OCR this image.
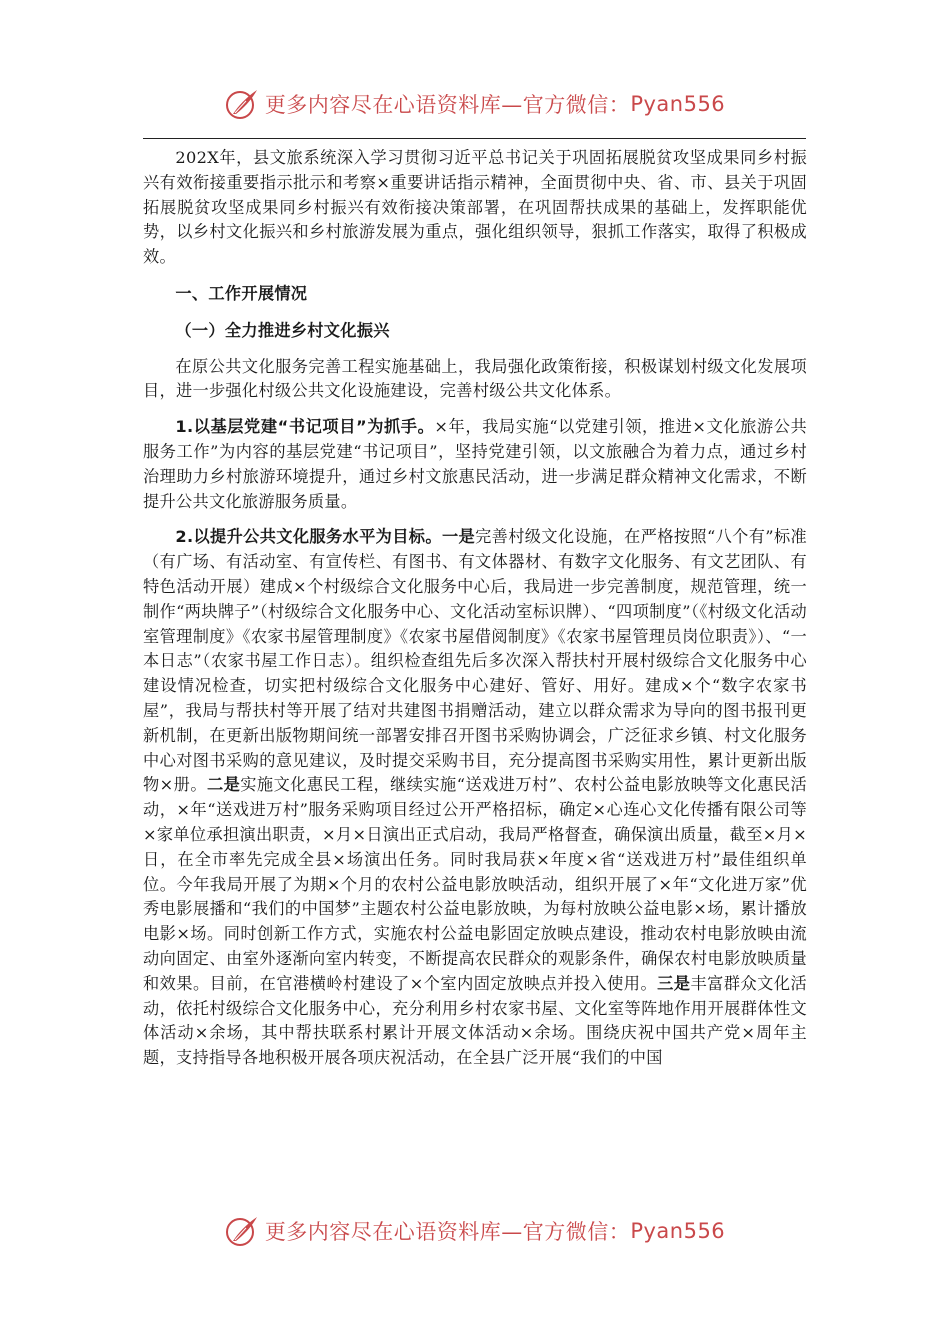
更多内容尽在心语资料库—官方微信： Pyan556

202X年，县文旅系统深入学习贯彻习近平总书记关于巩固拓展脱贫攻坚成果同乡村振兴有效衔接重要指示批示和考察×重要讲话指示精神，全面贯彻中央、省、市、县关于巩固拓展脱贫攻坚成果同乡村振兴有效衔接决策部署，在巩固帮扶成果的基础上，发挥职能优势，以乡村文化振兴和乡村旅游发展为重点，强化组织领导，狠抓工作落实，取得了积极成效。

一、工作开展情况
（一）全力推进乡村文化振兴

在原公共文化服务完善工程实施基础上，我局强化政策衔接，积极谋划村级文化发展项目，进一步强化村级公共文化设施建设，完善村级公共文化体系。

1.以基层党建“书记项目”为抓手。×年，我局实施“以党建引领，推进×文化旅游公共服务工作”为内容的基层党建“书记项目”，坚持党建引领，以文旅融合为着力点，通过乡村治理助力乡村旅游环境提升，通过乡村文旅惠民活动，进一步满足群众精神文化需求，不断提升公共文化旅游服务质量。

2.以提升公共文化服务水平为目标。一是完善村级文化设施，在严格按照“八个有”标准（有广场、有活动室、有宣传栏、有图书、有文体器材、有数字文化服务、有文艺团队、有特色活动开展）建成×个村级综合文化服务中心后，我局进一步完善制度，规范管理，统一制作“两块牌子”（村级综合文化服务中心、文化活动室标识牌）、“四项制度”（《村级文化活动室管理制度》《农家书屋管理制度》《农家书屋借阅制度》《农家书屋管理员岗位职责》）、“一本日志”（农家书屋工作日志）。组织检查组先后多次深入帮扶村开展村级综合文化服务中心建设情况检查，切实把村级综合文化服务中心建好、管好、用好。建成×个“数字农家书屋”，我局与帮扶村等开展了结对共建图书捐赠活动，建立以群众需求为导向的图书报刊更新机制，在更新出版物期间统一部署安排召开图书采购协调会，广泛征求乡镇、村文化服务中心对图书采购的意见建议，及时提交采购书目，充分提高图书采购实用性，累计更新出版物×册。二是实施文化惠民工程，继续实施“送戏进万村”、农村公益电影放映等文化惠民活动，×年“送戏进万村”服务采购项目经过公开严格招标，确定×心连心文化传播有限公司等×家单位承担演出职责，×月×日演出正式启动，我局严格督查，确保演出质量，截至×月×日，在全市率先完成全县×场演出任务。同时我局获×年度×省“送戏进万村”最佳组织单位。今年我局开展了为期×个月的农村公益电影放映活动，组织开展了×年“文化进万家”优秀电影展播和“我们的中国梦”主题农村公益电影放映，为每村放映公益电影×场，累计播放电影×场。同时创新工作方式，实施农村公益电影固定放映点建设，推动农村电影放映由流动向固定、由室外逐渐向室内转变，不断提高农民群众的观影条件，确保农村电影放映质量和效果。目前，在官港横岭村建设了×个室内固定放映点并投入使用。三是丰富群众文化活动，依托村级综合文化服务中心，充分利用乡村农家书屋、文化室等阵地作用开展群体性文体活动×余场，其中帮扶联系村累计开展文体活动×余场。围绕庆祝中国共产党×周年主题，支持指导各地积极开展各项庆祝活动，在全县广泛开展“我们的中国

更多内容尽在心语资料库—官方微信： Pyan556
